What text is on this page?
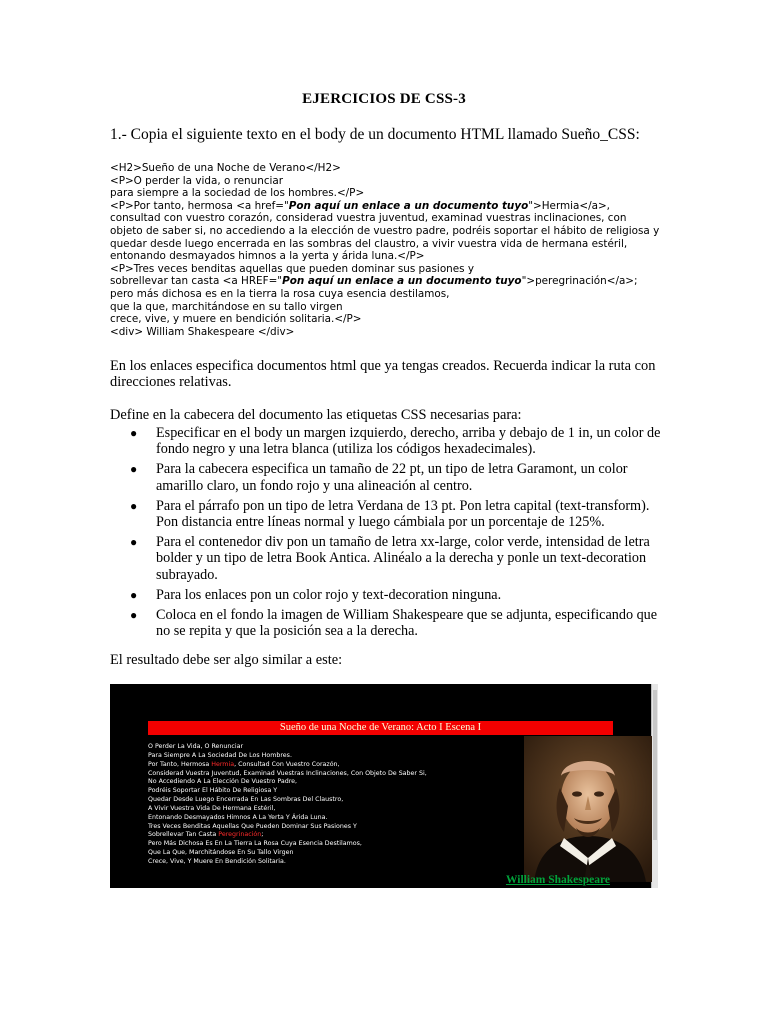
EJERCICIOS DE CSS-3
1.- Copia el siguiente texto en el body de un documento HTML llamado Sueño_CSS:
<H2>Sueño de una Noche de Verano</H2>
<P>O perder la vida, o renunciar
para siempre a la sociedad de los hombres.</P>
<P>Por tanto, hermosa <a href="Pon aquí un enlace a un documento tuyo">Hermia</a>,
consultad con vuestro corazón, considerad vuestra juventud, examinad vuestras inclinaciones, con
objeto de saber si, no accediendo a la elección de vuestro padre, podréis soportar el hábito de religiosa y
quedar desde luego encerrada en las sombras del claustro, a vivir vuestra vida de hermana estéril,
entonando desmayados himnos a la yerta y árida luna.</P>
<P>Tres veces benditas aquellas que pueden dominar sus pasiones y
sobrellevar tan casta <a HREF="Pon aquí un enlace a un documento tuyo">peregrinación</a>;
pero más dichosa es en la tierra la rosa cuya esencia destilamos,
que la que, marchitándose en su tallo virgen
crece, vive, y muere en bendición solitaria.</P>
<div> William Shakespeare </div>
En los enlaces especifica documentos html que ya tengas creados. Recuerda indicar la ruta con direcciones relativas.
Define en la cabecera del documento las etiquetas CSS necesarias para:
● Especificar en el body un margen izquierdo, derecho, arriba y debajo de 1 in, un color de fondo negro y una letra blanca (utiliza los códigos hexadecimales).
● Para la cabecera especifica un tamaño de 22 pt, un tipo de letra Garamont, un color amarillo claro, un fondo rojo y una alineación al centro.
● Para el párrafo pon un tipo de letra Verdana de 13 pt. Pon letra capital (text-transform). Pon distancia entre líneas normal y luego cámbiala por un porcentaje de 125%.
● Para el contenedor div pon un tamaño de letra xx-large, color verde, intensidad de letra bolder y un tipo de letra Book Antica. Alinéalo a la derecha y ponle un text-decoration subrayado.
● Para los enlaces pon un color rojo y text-decoration ninguna.
● Coloca en el fondo la imagen de William Shakespeare que se adjunta, especificando que no se repita y que la posición sea a la derecha.
El resultado debe ser algo similar a este:
Sueño de una Noche de Verano: Acto I Escena I
O Perder La Vida, O Renunciar
Para Siempre A La Sociedad De Los Hombres.
Por Tanto, Hermosa Hermia, Consultad Con Vuestro Corazón,
Considerad Vuestra Juventud, Examinad Vuestras Inclinaciones, Con Objeto De Saber Si,
No Accediendo A La Elección De Vuestro Padre,
Podréis Soportar El Hábito De Religiosa Y
Quedar Desde Luego Encerrada En Las Sombras Del Claustro,
A Vivir Vuestra Vida De Hermana Estéril,
Entonando Desmayados Himnos A La Yerta Y Árida Luna.
Tres Veces Benditas Aquellas Que Pueden Dominar Sus Pasiones Y
Sobrellevar Tan Casta Peregrinación;
Pero Más Dichosa Es En La Tierra La Rosa Cuya Esencia Destilamos,
Que La Que, Marchitándose En Su Tallo Virgen
Crece, Vive, Y Muere En Bendición Solitaria.
William Shakespeare
